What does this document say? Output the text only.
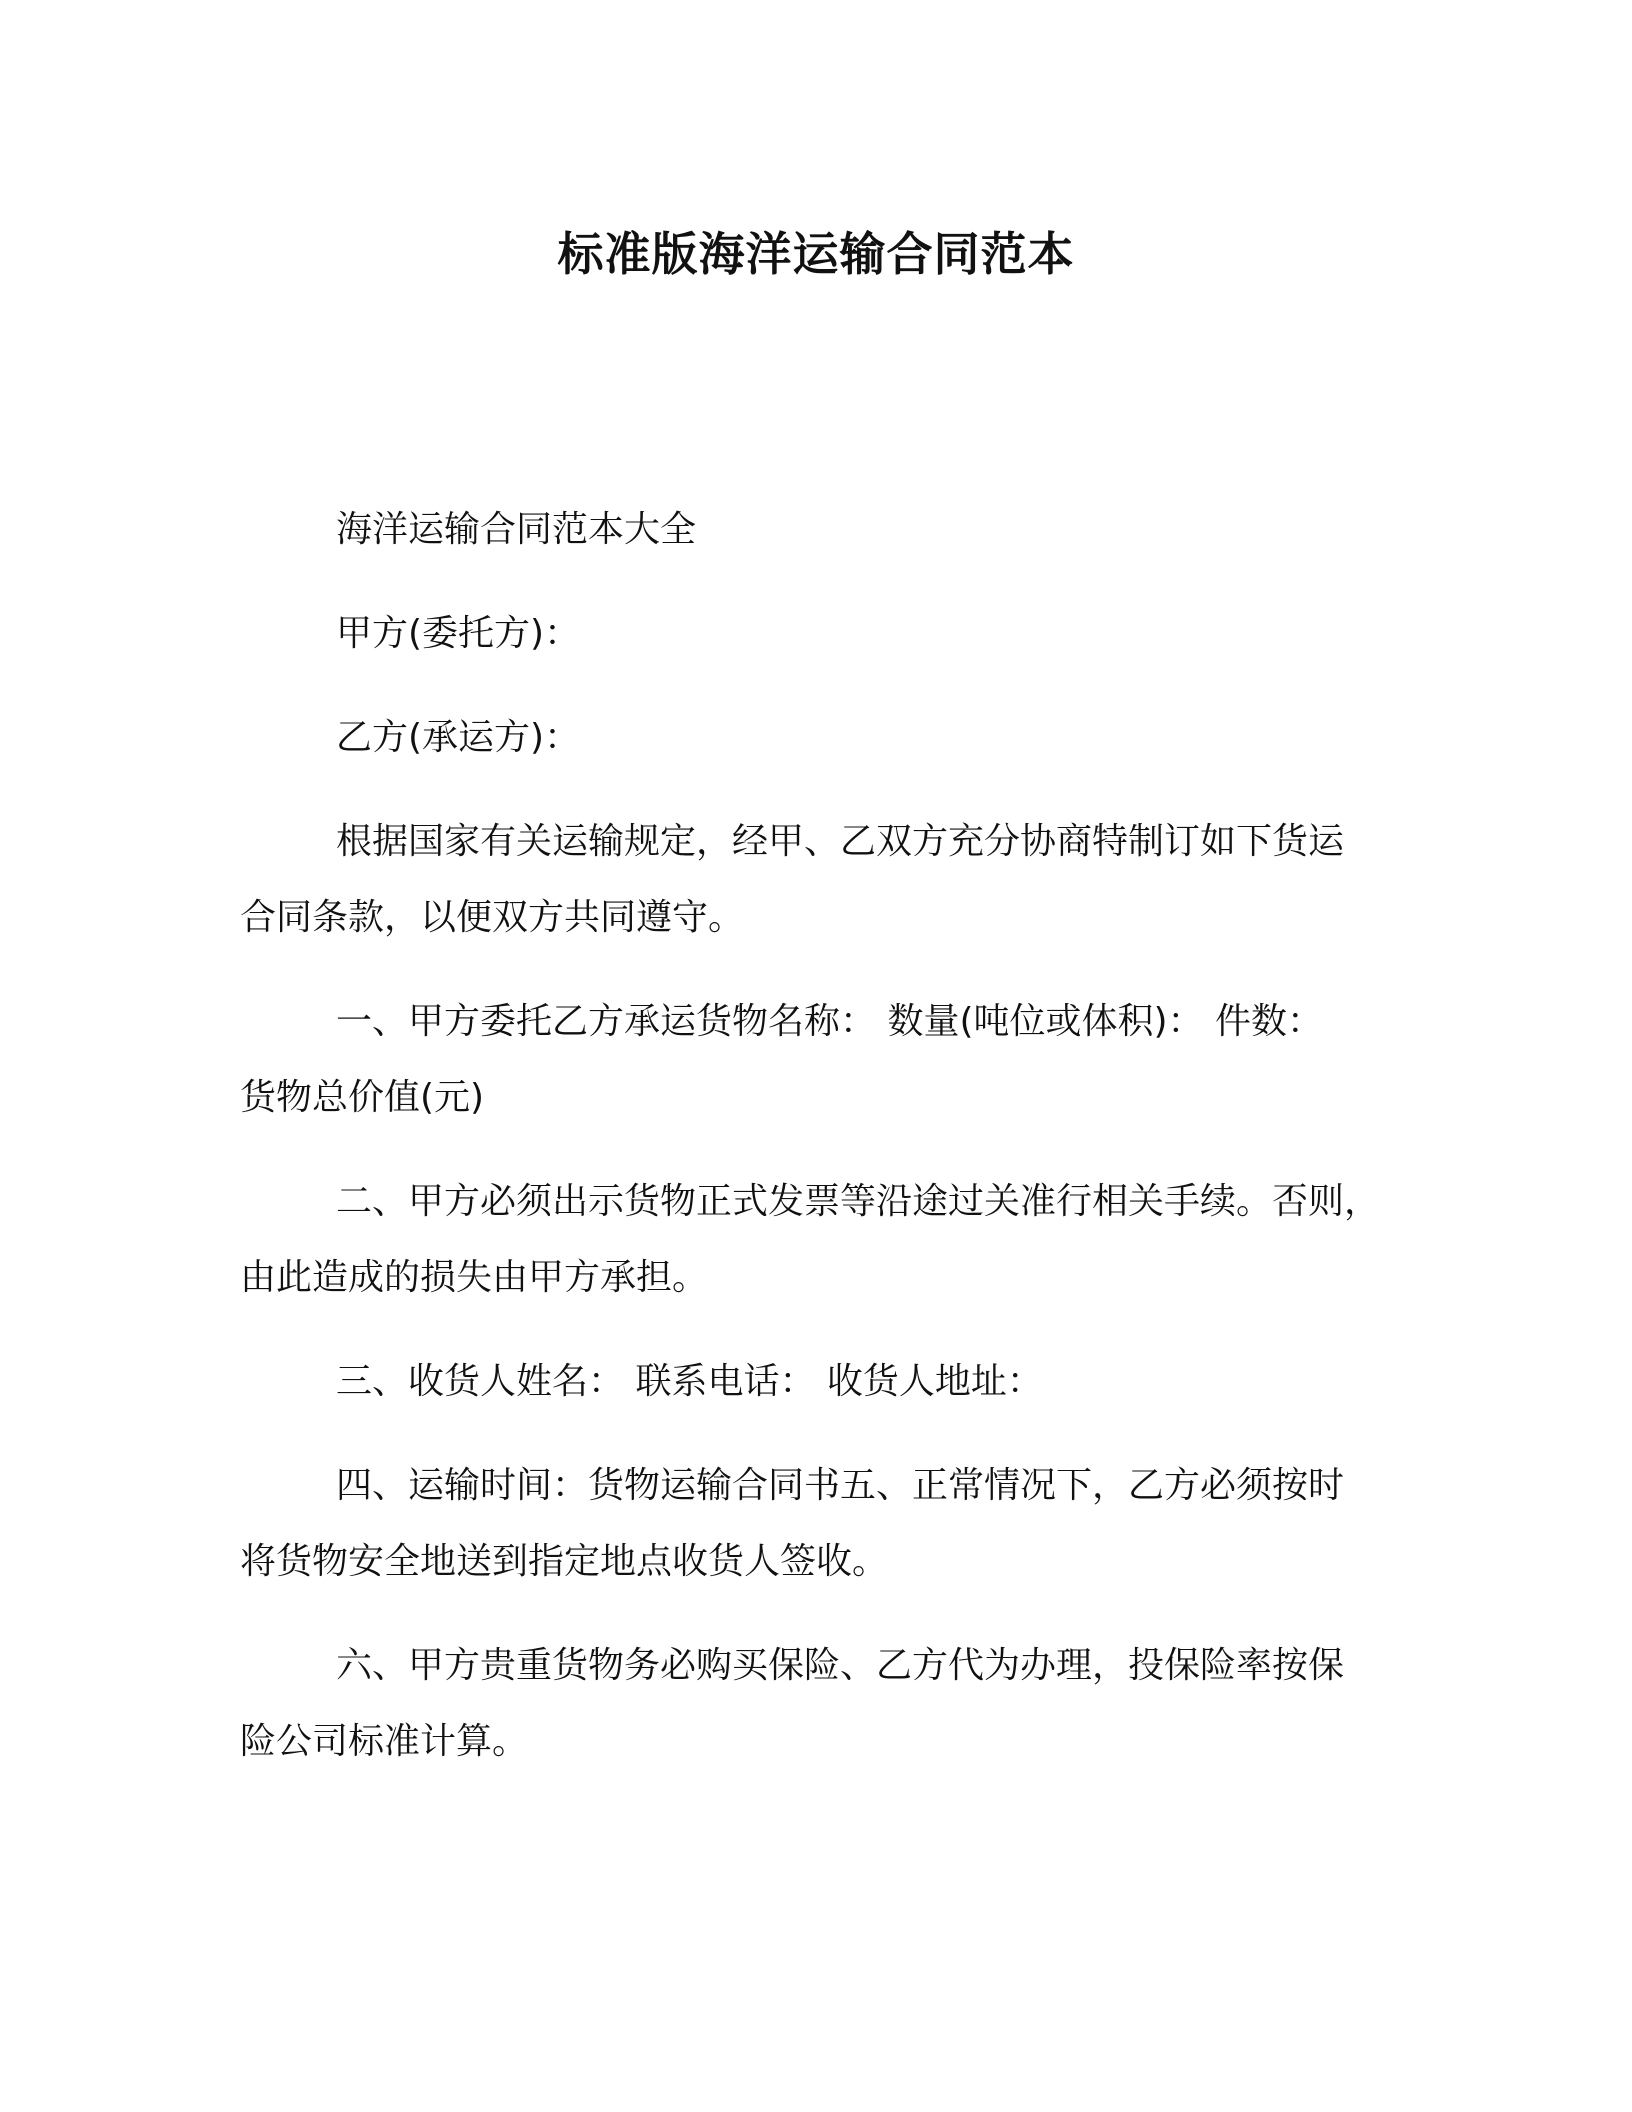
标准版海洋运输合同范本

海洋运输合同范本大全

甲方(委托方)：

乙方(承运方)：

根据国家有关运输规定，经甲、乙双方充分协商特制订如下货运

合同条款，以便双方共同遵守。

一、甲方委托乙方承运货物名称： 数量(吨位或体积)： 件数：

货物总价值(元)

二、甲方必须出示货物正式发票等沿途过关准行相关手续。否则，

由此造成的损失由甲方承担。

三、收货人姓名： 联系电话： 收货人地址：

四、运输时间：货物运输合同书五、正常情况下，乙方必须按时

将货物安全地送到指定地点收货人签收。

六、甲方贵重货物务必购买保险、乙方代为办理，投保险率按保

险公司标准计算。
